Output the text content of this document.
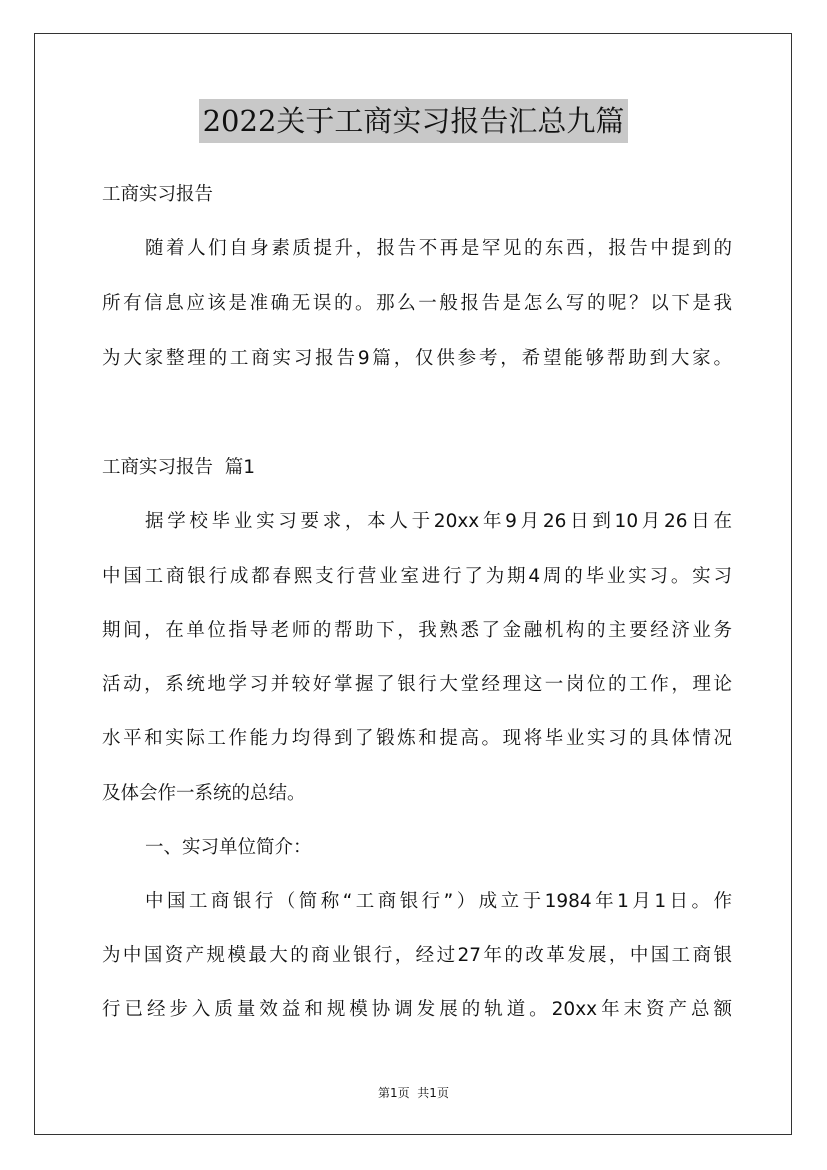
2022关于工商实习报告汇总九篇
工商实习报告
随着人们自身素质提升，报告不再是罕见的东西，报告中提到的
所有信息应该是准确无误的。那么一般报告是怎么写的呢？以下是我
为大家整理的工商实习报告9篇，仅供参考，希望能够帮助到大家。
工商实习报告  篇1
据学校毕业实习要求，本人于20xx年9月26日到10月26日在
中国工商银行成都春熙支行营业室进行了为期4周的毕业实习。实习
期间，在单位指导老师的帮助下，我熟悉了金融机构的主要经济业务
活动，系统地学习并较好掌握了银行大堂经理这一岗位的工作，理论
水平和实际工作能力均得到了锻炼和提高。现将毕业实习的具体情况
及体会作一系统的总结。
一、实习单位简介：
中国工商银行（简称“工商银行”）成立于1984年1月1日。作
为中国资产规模最大的商业银行，经过27年的改革发展，中国工商银
行已经步入质量效益和规模协调发展的轨道。20xx年末资产总额
第1页  共1页
